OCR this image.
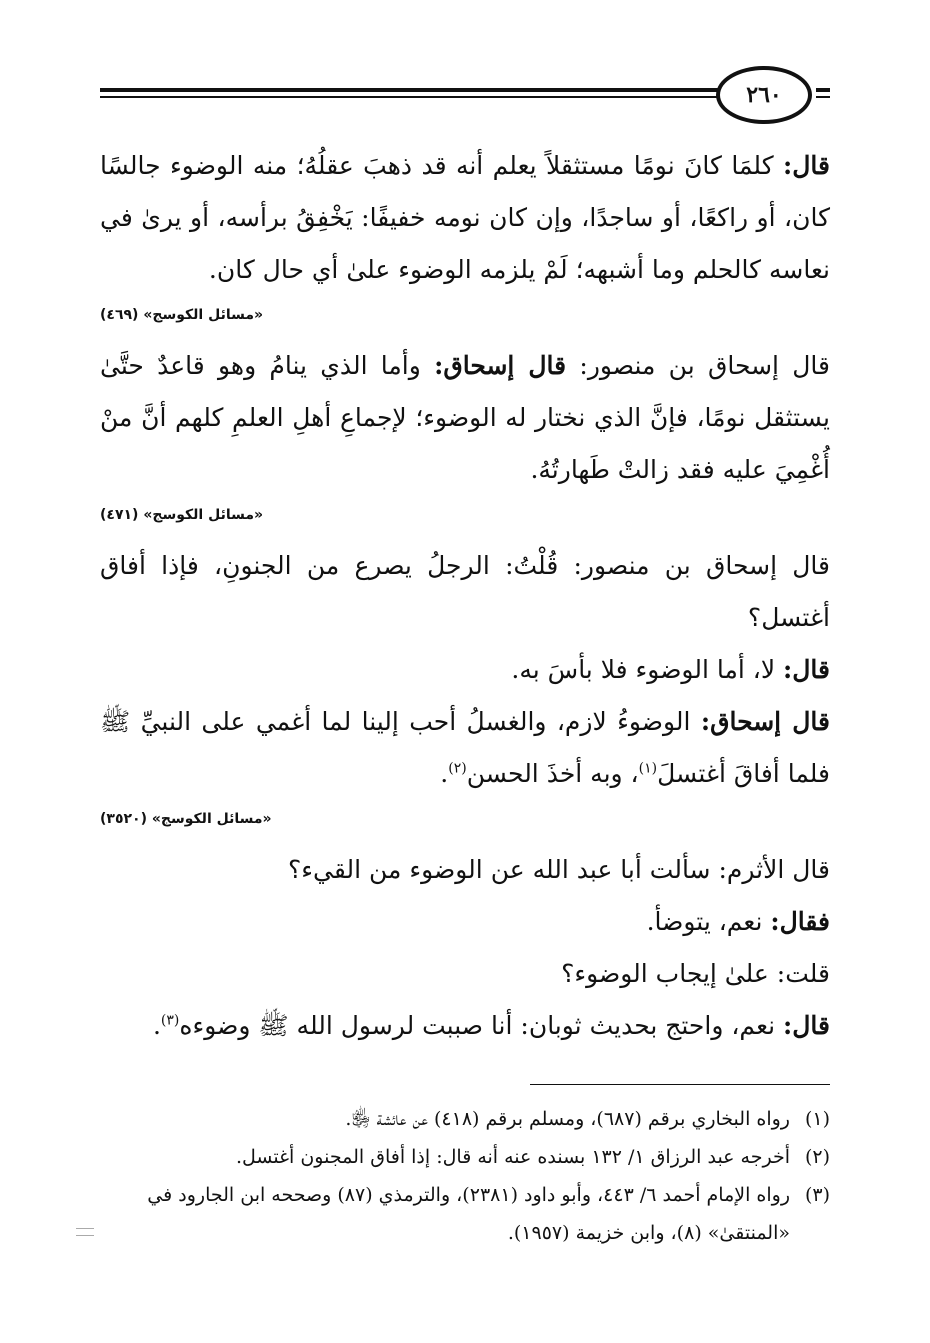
٢٦٠

قال: كلمَا كانَ نومًا مستثقلاً يعلم أنه قد ذهبَ عقلُهُ؛ منه الوضوء جالسًا كان، أو راكعًا، أو ساجدًا، وإن كان نومه خفيفًا: يَخْفِقُ برأسه، أو يرىٰ في نعاسه كالحلم وما أشبهه؛ لَمْ يلزمه الوضوء علىٰ أي حال كان.

«مسائل الكوسج» (٤٦٩)

قال إسحاق بن منصور: قال إسحاق: وأما الذي ينامُ وهو قاعدٌ حتَّىٰ يستثقل نومًا، فإنَّ الذي نختار له الوضوء؛ لإجماعِ أهلِ العلمِ كلهم أنَّ منْ أُغْمِيَ عليه فقد زالتْ طَهارتُهُ.

«مسائل الكوسج» (٤٧١)

قال إسحاق بن منصور: قُلْتُ: الرجلُ يصرع من الجنونِ، فإذا أفاق أغتسل؟

قال: لا، أما الوضوء فلا بأسَ به.

قال إسحاق: الوضوءُ لازم، والغسلُ أحب إلينا لما أغمي على النبيِّ ﷺ فلما أفاقَ أغتسلَ$^{(١)}$، وبه أخذَ الحسن$^{(٢)}$.

«مسائل الكوسج» (٣٥٢٠)

قال الأثرم: سألت أبا عبد الله عن الوضوء من القيء؟

فقال: نعم، يتوضأ.

قلت: علىٰ إيجاب الوضوء؟

قال: نعم، واحتج بحديث ثوبان: أنا صببت لرسول الله ﷺ وضوءه$^{(٣)}$.

(١)
رواه البخاري برقم (٦٨٧)، ومسلم برقم (٤١٨) عن عائشة ﵂.
(٢)
أخرجه عبد الرزاق ١/ ١٣٢ بسنده عنه أنه قال: إذا أفاق المجنون أغتسل.
(٣)
رواه الإمام أحمد ٦/ ٤٤٣، وأبو داود (٢٣٨١)، والترمذي (٨٧) وصححه ابن الجارود في «المنتقىٰ» (٨)، وابن خزيمة (١٩٥٧).
